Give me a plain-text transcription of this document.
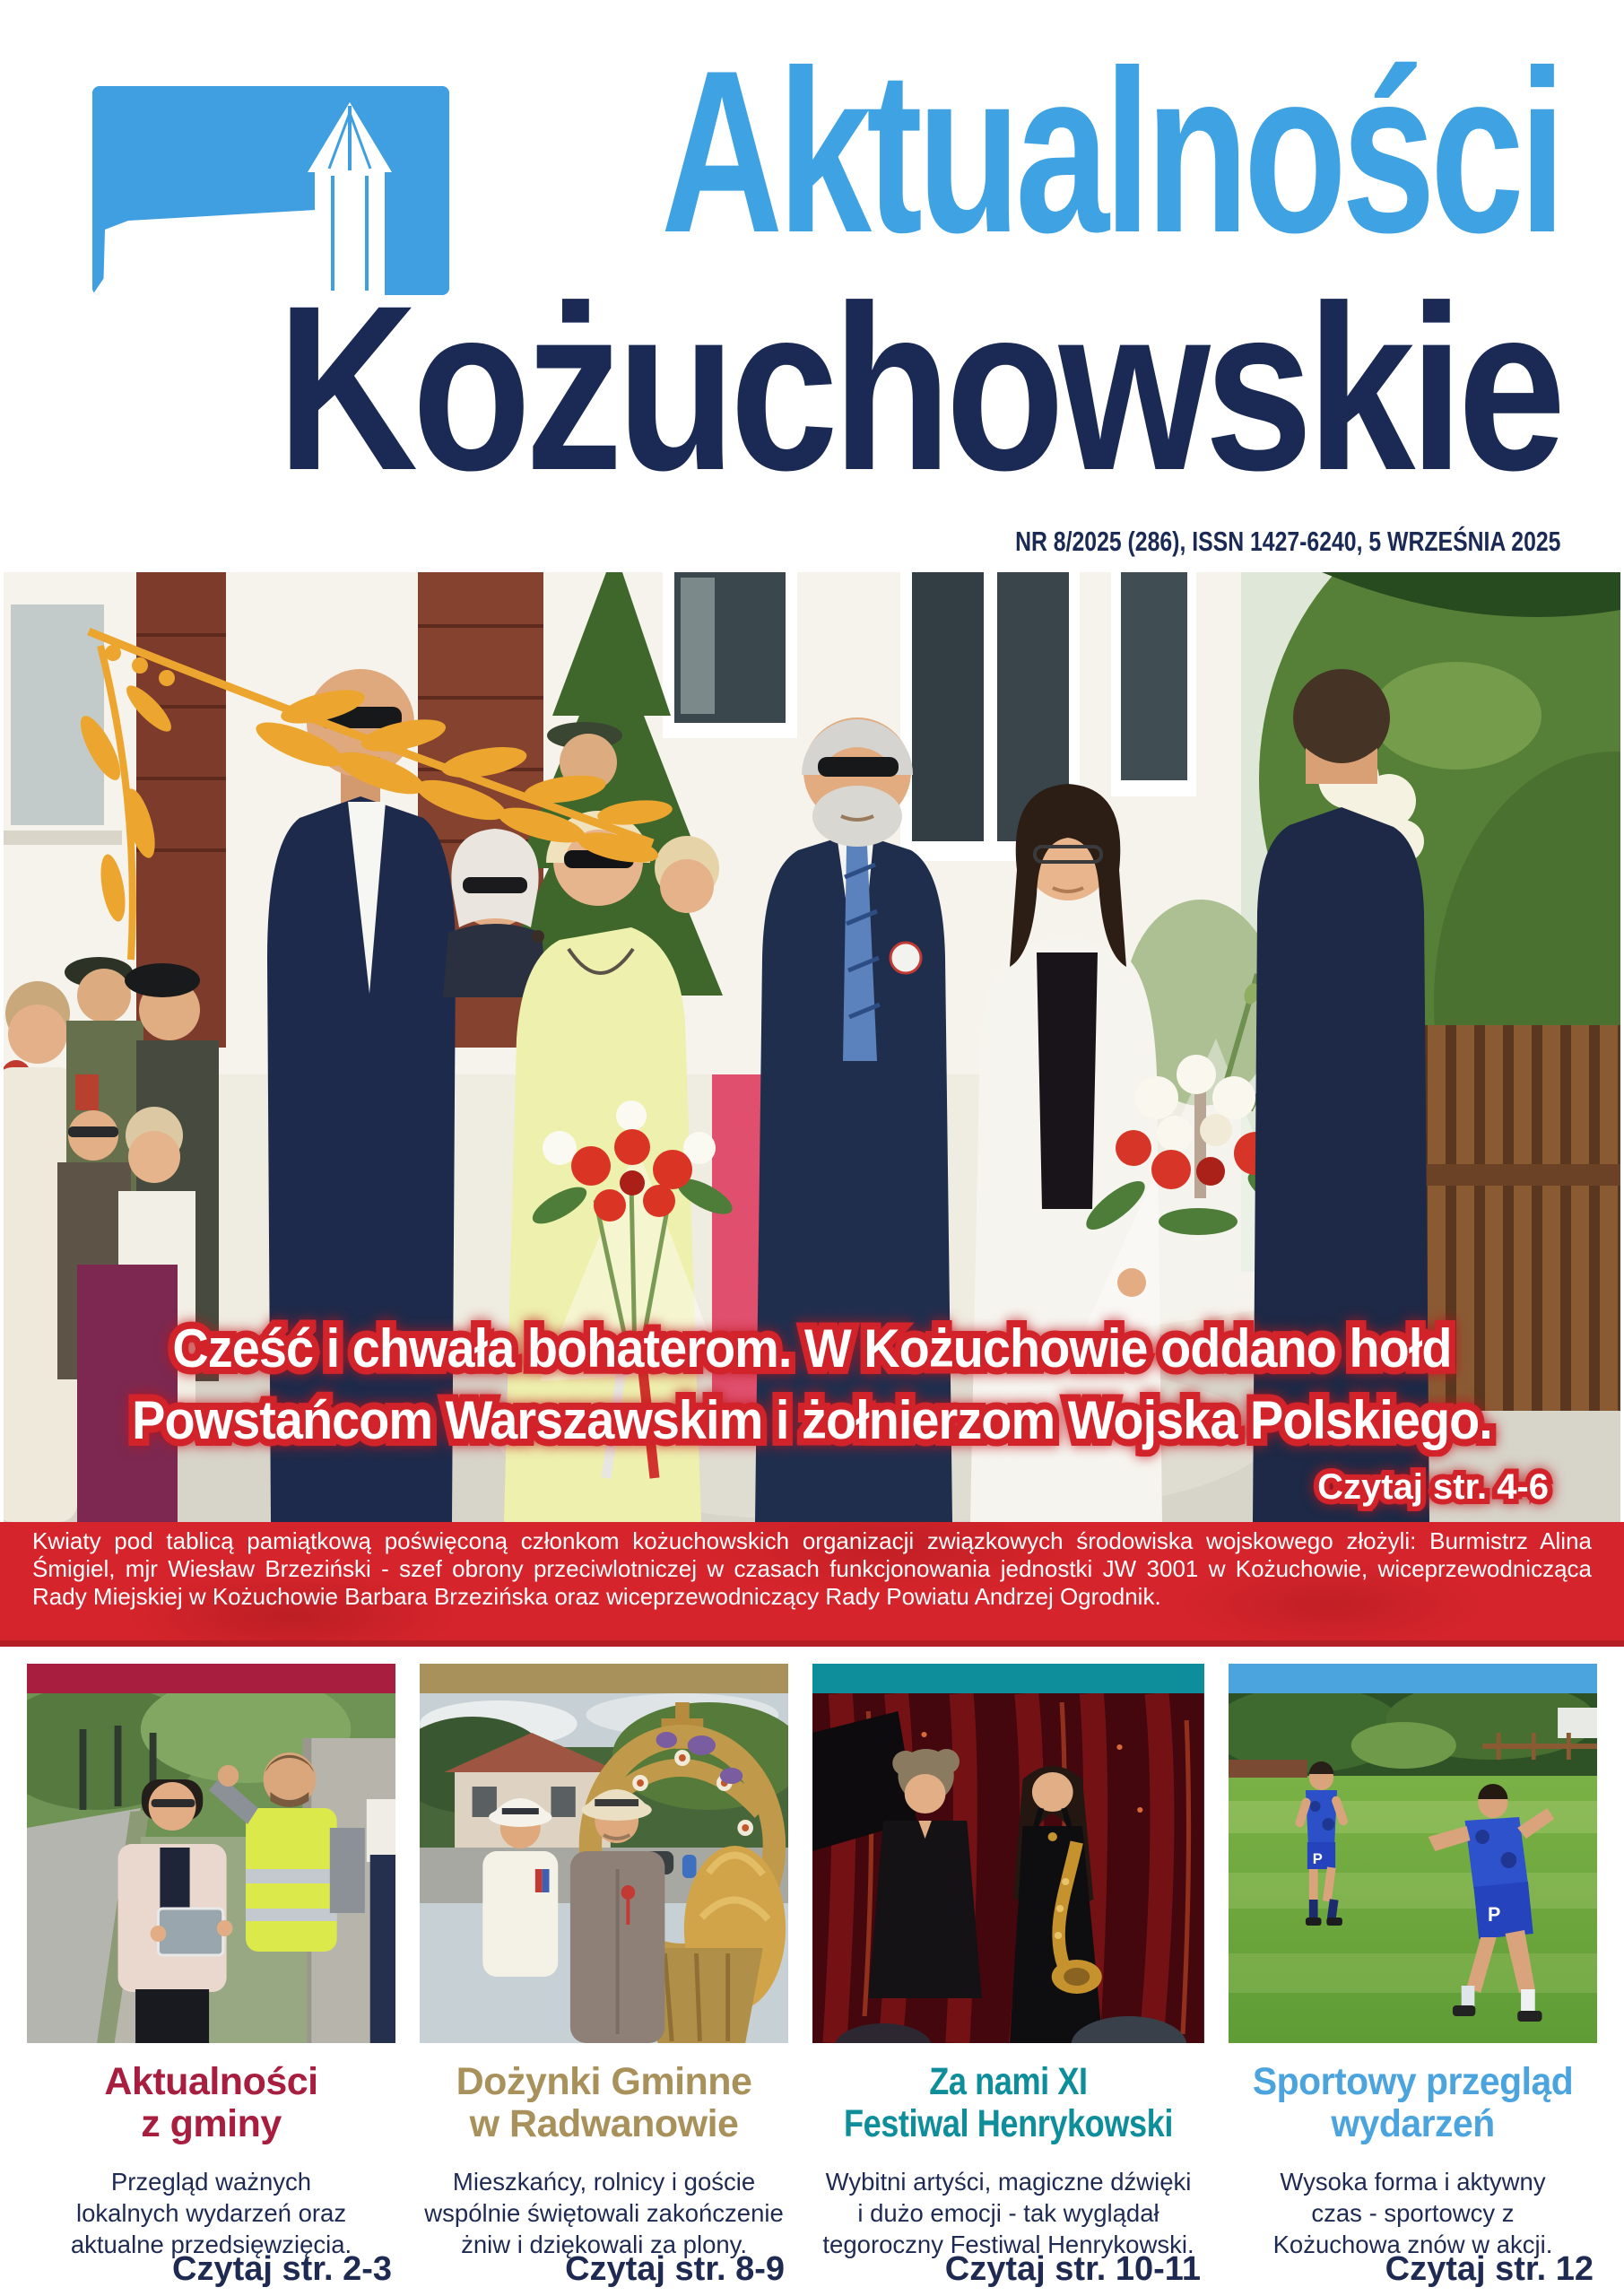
Aktualności
Kożuchowskie
NR 8/2025 (286), ISSN 1427-6240, 5 WRZEŚNIA 2025
Cześć i chwała bohaterom. W Kożuchowie oddano hołd Cześć i chwała bohaterom. W Kożuchowie oddano hołd
Powstańcom Warszawskim i żołnierzom Wojska Polskiego. Powstańcom Warszawskim i żołnierzom Wojska Polskiego.
Czytaj str. 4-6 Czytaj str. 4-6

Kwiaty pod tablicą pamiątkową poświęconą członkom kożuchowskich organizacji związkowych środowiska wojskowego złożyli: Burmistrz Alina Śmigiel, mjr Wiesław Brzeziński - szef obrony przeciwlotniczej w czasach funkcjonowania jednostki JW 3001 w Kożuchowie, wiceprzewodnicząca Rady Miejskiej w Kożuchowie Barbara Brzezińska oraz wiceprzewodniczący Rady Powiatu Andrzej Ogrodnik.

Aktualności
z gminy

Przegląd ważnych lokalnych wydarzeń oraz aktualne przedsięwzięcia.

Czytaj str. 2-3
Dożynki Gminne
w Radwanowie

Mieszkańcy, rolnicy i goście wspólnie świętowali zakończenie żniw i dziękowali za plony.

Czytaj str. 8-9
Za nami XI
Festiwal Henrykowski

Wybitni artyści, magiczne dźwięki i dużo emocji - tak wyglądał tegoroczny Festiwal Henrykowski.

Czytaj str. 10-11
P
P
Sportowy przegląd
wydarzeń

Wysoka forma i aktywny czas - sportowcy z Kożuchowa znów w akcji.

Czytaj str. 12
